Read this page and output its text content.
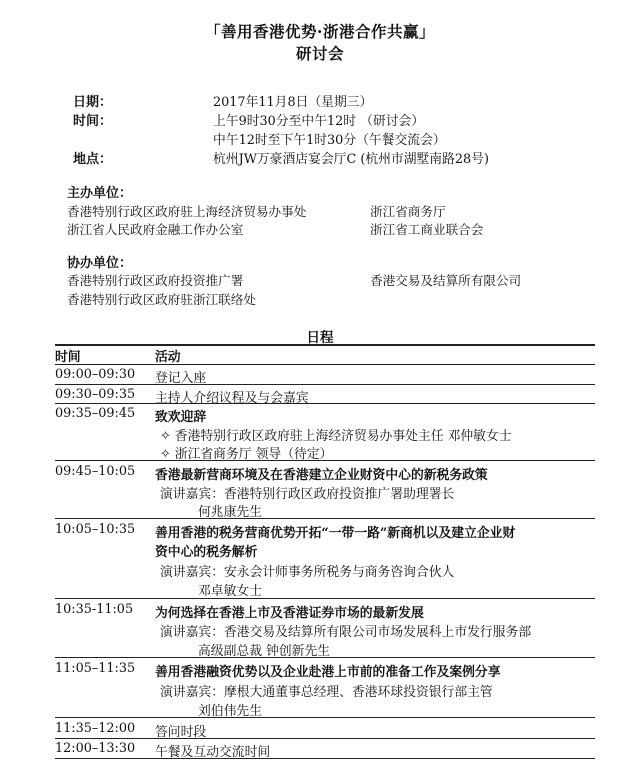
「善用香港优势·浙港合作共赢」
研讨会
日期：	2017年11月8日（星期三）
时间：	上午9时30分至中午12时 （研讨会）
中午12时至下午1时30分（午餐交流会）
地点：	杭州JW万豪酒店宴会厅C (杭州市湖墅南路28号)
主办单位：
香港特别行政区政府驻上海经济贸易办事处	浙江省商务厅
浙江省人民政府金融工作办公室	浙江省工商业联合会
协办单位：
香港特别行政区政府投资推广署	香港交易及结算所有限公司
香港特别行政区政府驻浙江联络处
日程
时间	活动
09:00–09:30 登记入座
09:30–09:35 主持人介绍议程及与会嘉宾
09:35–09:45 致欢迎辞
✧ 香港特别行政区政府驻上海经济贸易办事处主任 邓仲敏女士
✧ 浙江省商务厅 领导（待定）
09:45–10:05 香港最新营商环境及在香港建立企业财资中心的新税务政策
演讲嘉宾：香港特别行政区政府投资推广署助理署长
何兆康先生
10:05–10:35 善用香港的税务营商优势开拓“一带一路”新商机以及建立企业财
资中心的税务解析
演讲嘉宾：安永会计师事务所税务与商务咨询合伙人
邓卓敏女士
10:35-11:05 为何选择在香港上市及香港证券市场的最新发展
演讲嘉宾：香港交易及结算所有限公司市场发展科上市发行服务部
高级副总裁 钟创新先生
11:05–11:35 善用香港融资优势以及企业赴港上市前的准备工作及案例分享
演讲嘉宾：摩根大通董事总经理、香港环球投资银行部主管
刘伯伟先生
11:35–12:00 答问时段
12:00–13:30 午餐及互动交流时间
